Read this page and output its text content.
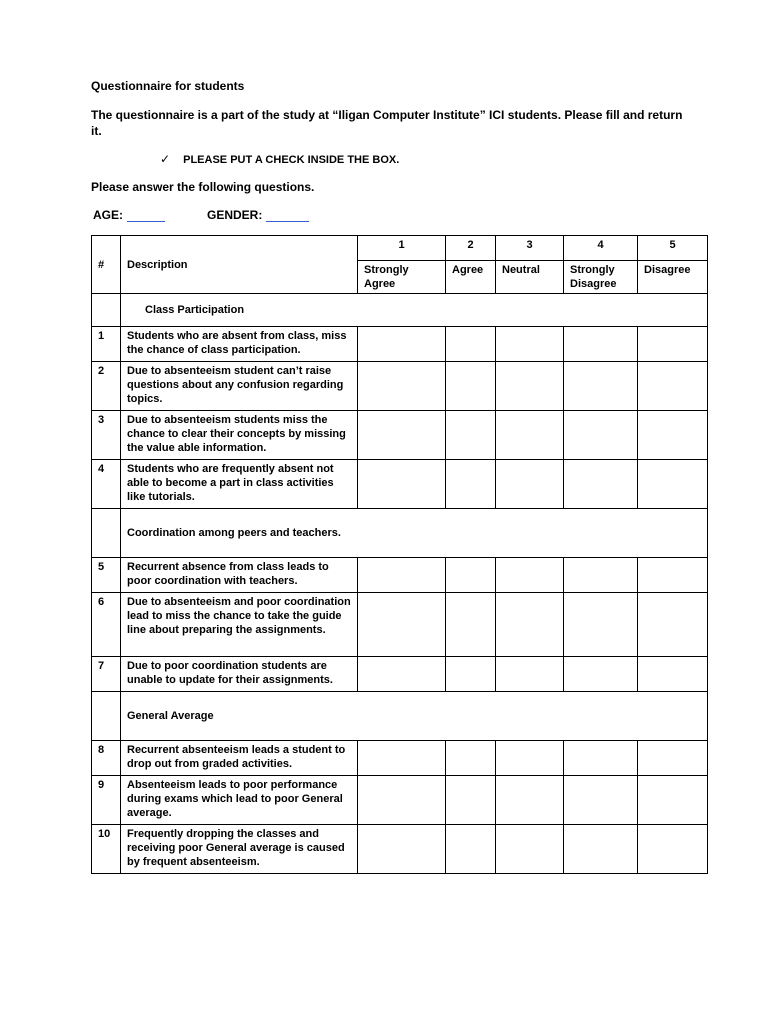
Questionnaire for students
The questionnaire is a part of the study at “Iligan Computer Institute” ICI students. Please fill and return it.
✓ PLEASE PUT A CHECK INSIDE THE BOX.
Please answer the following questions.
AGE:	GENDER:
#	Description	1	2	3	4	5
		Strongly Agree	Agree	Neutral	Strongly Disagree	Disagree
	Class Participation					
1	Students who are absent from class, miss the chance of class participation.					
2	Due to absenteeism student can’t raise questions about any confusion regarding topics.					
3	Due to absenteeism students miss the chance to clear their concepts by missing the value able information.					
4	Students who are frequently absent not able to become a part in class activities like tutorials.					
	Coordination among peers and teachers.					
5	Recurrent absence from class leads to poor coordination with teachers.					
6	Due to absenteeism and poor coordination lead to miss the chance to take the guide line about preparing the assignments.					
7	Due to poor coordination students are unable to update for their assignments.					
	General Average					
8	Recurrent absenteeism leads a student to drop out from graded activities.					
9	Absenteeism leads to poor performance during exams which lead to poor General average.					
10	Frequently dropping the classes and receiving poor General average is caused by frequent absenteeism.					
